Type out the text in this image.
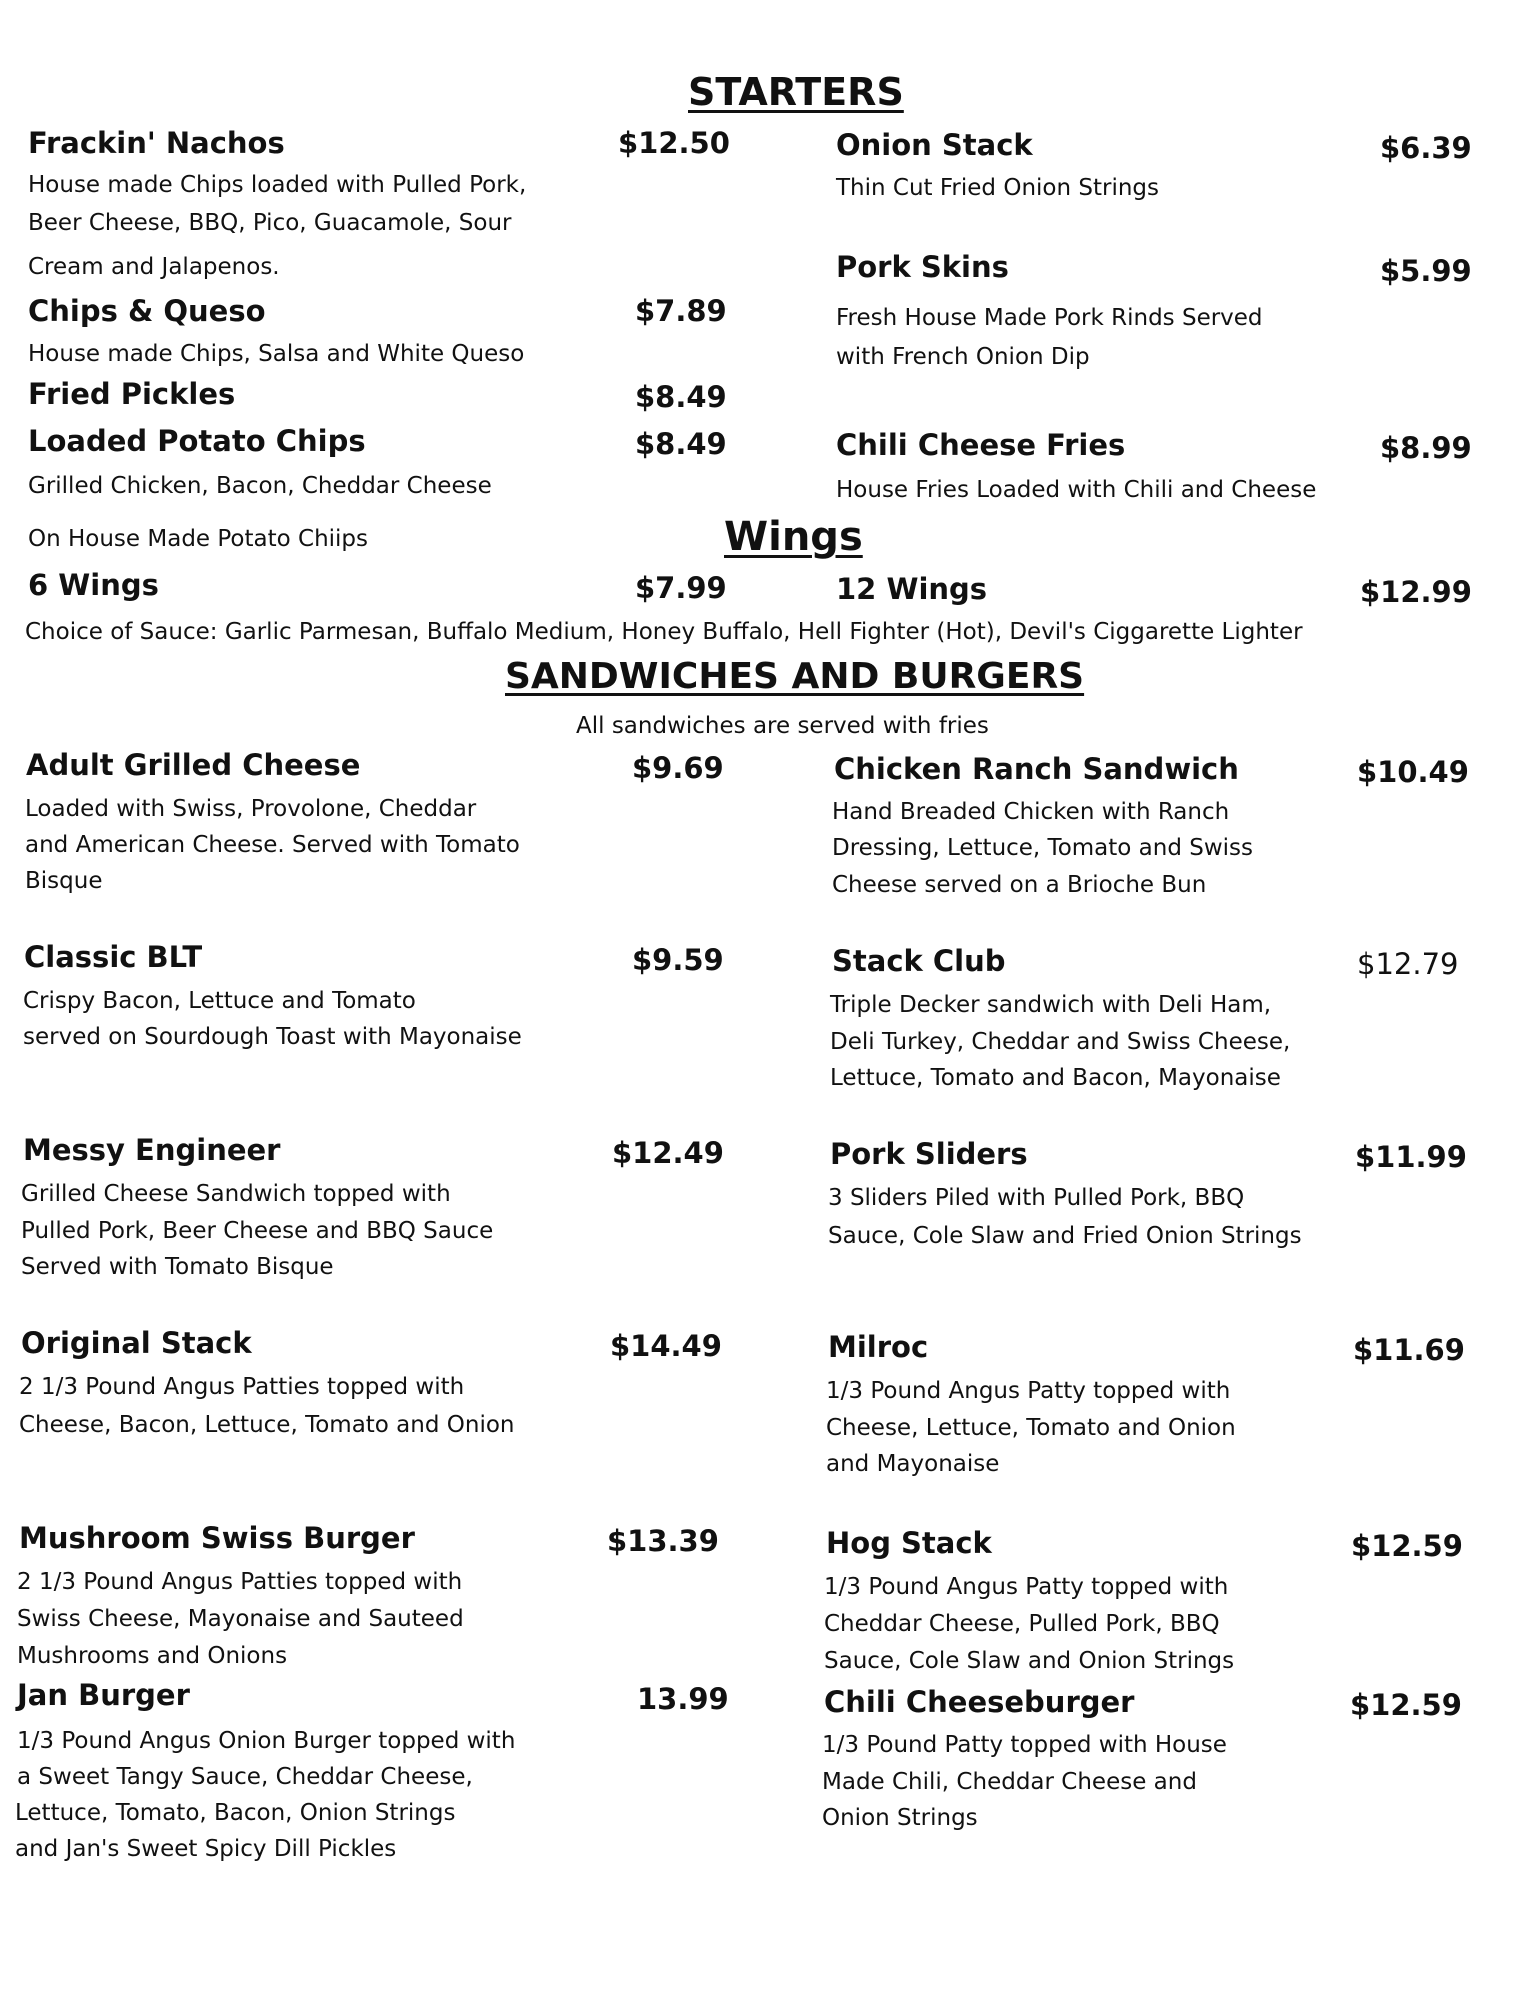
STARTERS
Wings
SANDWICHES AND BURGERS
All sandwiches are served with fries
Frackin' Nachos	$12.50
House made Chips loaded with Pulled Pork,
Beer Cheese, BBQ, Pico, Guacamole, Sour
Cream and Jalapenos.
Chips & Queso	$7.89
House made Chips, Salsa and White Queso
Fried Pickles	$8.49
Loaded Potato Chips	$8.49
Grilled Chicken, Bacon, Cheddar Cheese
On House Made Potato Chiips
Onion Stack	$6.39
Thin Cut Fried Onion Strings
Pork Skins	$5.99
Fresh House Made Pork Rinds Served
with French Onion Dip
Chili Cheese Fries	$8.99
House Fries Loaded with Chili and Cheese
6 Wings	$7.99	12 Wings	$12.99
Choice of Sauce: Garlic Parmesan, Buffalo Medium, Honey Buffalo, Hell Fighter (Hot), Devil's Ciggarette Lighter
Adult Grilled Cheese	$9.69
Loaded with Swiss, Provolone, Cheddar
and American Cheese. Served with Tomato
Bisque
Classic BLT	$9.59
Crispy Bacon, Lettuce and Tomato
served on Sourdough Toast with Mayonaise
Messy Engineer	$12.49
Grilled Cheese Sandwich topped with
Pulled Pork, Beer Cheese and BBQ Sauce
Served with Tomato Bisque
Original Stack	$14.49
2 1/3 Pound Angus Patties topped with
Cheese, Bacon, Lettuce, Tomato and Onion
Mushroom Swiss Burger	$13.39
2 1/3 Pound Angus Patties topped with
Swiss Cheese, Mayonaise and Sauteed
Mushrooms and Onions
Jan Burger	13.99
1/3 Pound Angus Onion Burger topped with
a Sweet Tangy Sauce, Cheddar Cheese,
Lettuce, Tomato, Bacon, Onion Strings
and Jan's Sweet Spicy Dill Pickles
Chicken Ranch Sandwich	$10.49
Hand Breaded Chicken with Ranch
Dressing, Lettuce, Tomato and Swiss
Cheese served on a Brioche Bun
Stack Club	$12.79
Triple Decker sandwich with Deli Ham,
Deli Turkey, Cheddar and Swiss Cheese,
Lettuce, Tomato and Bacon, Mayonaise
Pork Sliders	$11.99
3 Sliders Piled with Pulled Pork, BBQ
Sauce, Cole Slaw and Fried Onion Strings
Milroc	$11.69
1/3 Pound Angus Patty topped with
Cheese, Lettuce, Tomato and Onion
and Mayonaise
Hog Stack	$12.59
1/3 Pound Angus Patty topped with
Cheddar Cheese, Pulled Pork, BBQ
Sauce, Cole Slaw and Onion Strings
Chili Cheeseburger	$12.59
1/3 Pound Patty topped with House
Made Chili, Cheddar Cheese and
Onion Strings
